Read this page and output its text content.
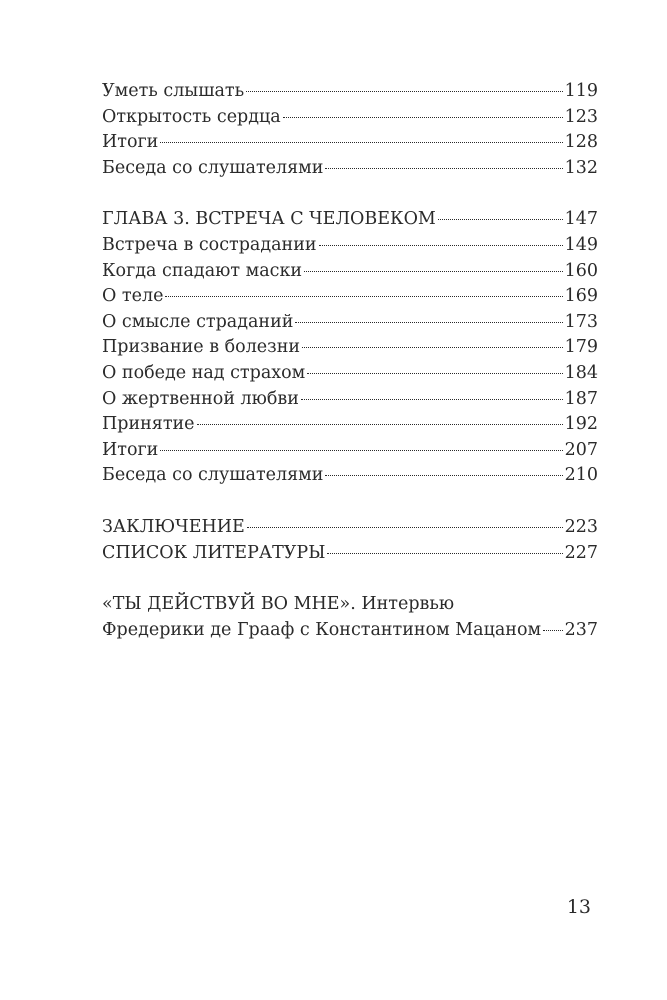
Уметь слышать	119
Открытость сердца	123
Итоги	128
Беседа со слушателями	132
ГЛАВА 3. ВСТРЕЧА С ЧЕЛОВЕКОМ	147
Встреча в сострадании	149
Когда спадают маски	160
О теле	169
О смысле страданий	173
Призвание в болезни	179
О победе над страхом	184
О жертвенной любви	187
Принятие	192
Итоги	207
Беседа со слушателями	210
ЗАКЛЮЧЕНИЕ	223
СПИСОК ЛИТЕРАТУРЫ	227
«ТЫ ДЕЙСТВУЙ ВО МНЕ». Интервью
Фредерики де Грааф с Константином Мацаном 237
13
